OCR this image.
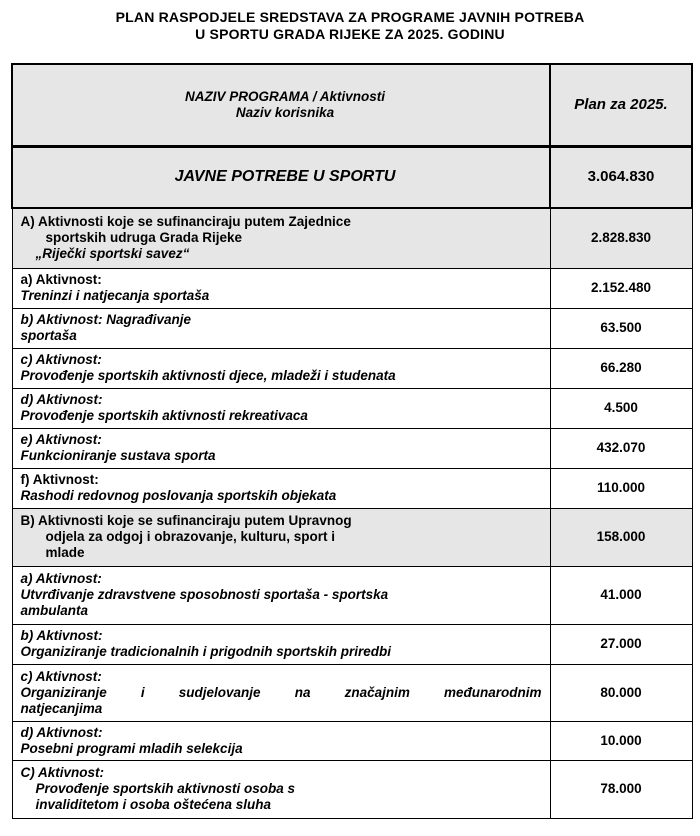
PLAN RASPODJELE SREDSTAVA ZA PROGRAME JAVNIH POTREBA
U SPORTU GRADA RIJEKE ZA 2025. GODINU
NAZIV PROGRAMA / Aktivnosti
Naziv korisnika	Plan za 2025.
JAVNE POTREBE U SPORTU	3.064.830

A) Aktivnosti koje se sufinanciraju putem Zajednice
sportskih udruga Grada Rijeke
„Riječki sportski savez“	2.828.830

a) Aktivnost:
Treninzi i natjecanja sportaša	2.152.480

b) Aktivnost: Nagrađivanje
sportaša	63.500

c) Aktivnost:
Provođenje sportskih aktivnosti djece, mladeži i studenata	66.280

d) Aktivnost:
Provođenje sportskih aktivnosti rekreativaca	4.500

e) Aktivnost:
Funkcioniranje sustava sporta	432.070

f) Aktivnost:
Rashodi redovnog poslovanja sportskih objekata	110.000

B) Aktivnosti koje se sufinanciraju putem Upravnog
odjela za odgoj i obrazovanje, kulturu, sport i
mlade	158.000

a) Aktivnost:
Utvrđivanje zdravstvene sposobnosti sportaša - sportska
ambulanta	41.000

b) Aktivnost:
Organiziranje tradicionalnih i prigodnih sportskih priredbi	27.000

c) Aktivnost:
Organiziranje i sudjelovanje na značajnim međunarodnim
natjecanjima	80.000

d) Aktivnost:
Posebni programi mladih selekcija	10.000

C) Aktivnost:
Provođenje sportskih aktivnosti osoba s
invaliditetom i osoba oštećena sluha	78.000
